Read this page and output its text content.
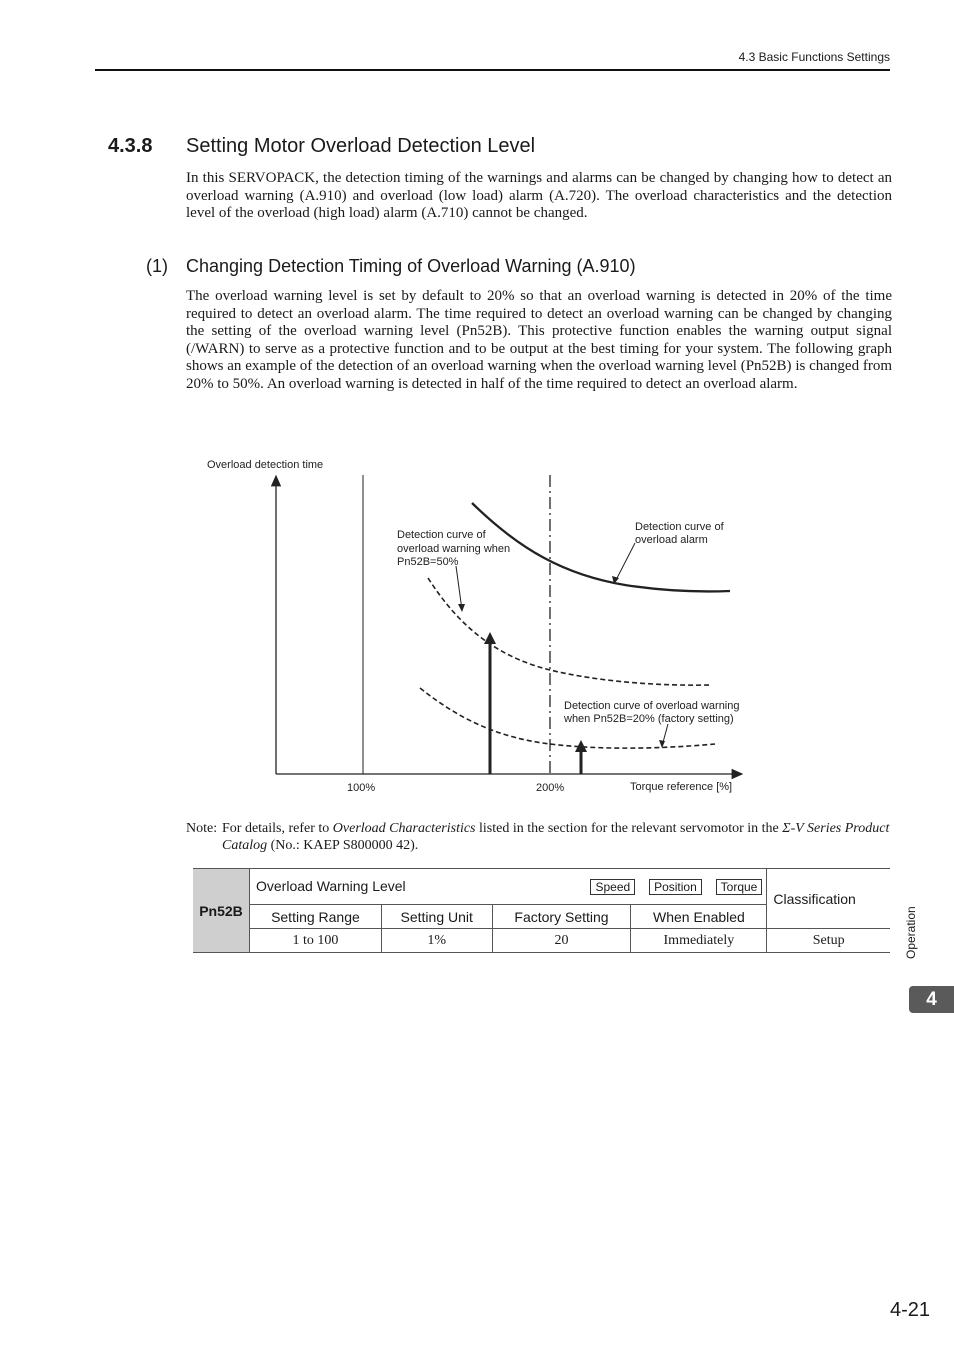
4.3 Basic Functions Settings
4.3.8 Setting Motor Overload Detection Level
In this SERVOPACK, the detection timing of the warnings and alarms can be changed by changing how to detect an overload warning (A.910) and overload (low load) alarm (A.720). The overload characteristics and the detection level of the overload (high load) alarm (A.710) cannot be changed.
(1) Changing Detection Timing of Overload Warning (A.910)
The overload warning level is set by default to 20% so that an overload warning is detected in 20% of the time required to detect an overload alarm. The time required to detect an overload warning can be changed by changing the setting of the overload warning level (Pn52B). This protective function enables the warning output signal (/WARN) to serve as a protective function and to be output at the best timing for your system. The following graph shows an example of the detection of an overload warning when the overload warning level (Pn52B) is changed from 20% to 50%. An overload warning is detected in half of the time required to detect an overload alarm.
Overload detection time
Torque reference [%]
100%	200%
Detection curve of
overload alarm
Detection curve of
overload warning when
Pn52B=50%
Detection curve of overload warning
when Pn52B=20% (factory setting)
Note: For details, refer to Overload Characteristics listed in the section for the relevant servomotor in the Σ-V Series Product Catalog (No.: KAEP S800000 42).
Pn52B	Overload Warning Level Speed Position Torque				Classification
	Setting Range	Setting Unit	Factory Setting	When Enabled	
	1 to 100	1%	20	Immediately	Setup	Operation
4
4-21
